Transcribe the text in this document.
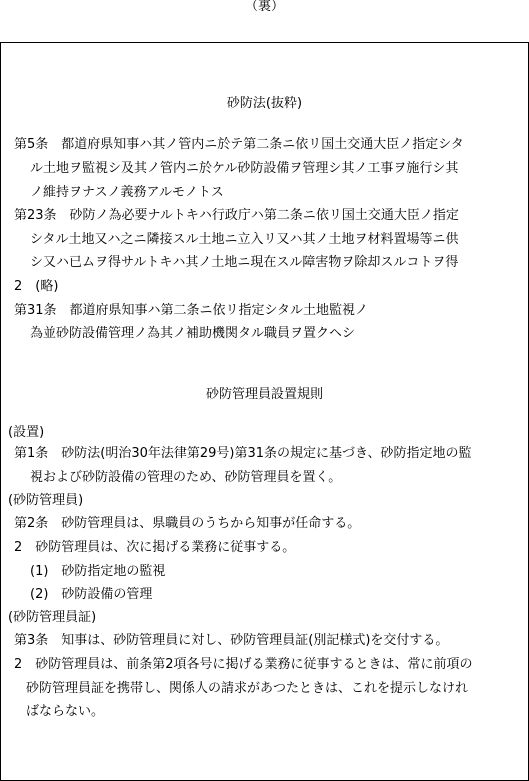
（裏）
砂防法(抜粋)
第5条　都道府県知事ハ其ノ管内ニ於テ第二条ニ依リ国土交通大臣ノ指定シタ
ル土地ヲ監視シ及其ノ管内ニ於ケル砂防設備ヲ管理シ其ノ工事ヲ施行シ其
ノ維持ヲナスノ義務アルモノトス
第23条　砂防ノ為必要ナルトキハ行政庁ハ第二条ニ依リ国土交通大臣ノ指定
シタル土地又ハ之ニ隣接スル土地ニ立入リ又ハ其ノ土地ヲ材料置場等ニ供
シ又ハ已ムヲ得サルトキハ其ノ土地ニ現在スル障害物ヲ除却スルコトヲ得
2　(略)
第31条　都道府県知事ハ第二条ニ依リ指定シタル土地監視ノ
為並砂防設備管理ノ為其ノ補助機関タル職員ヲ置クヘシ
砂防管理員設置規則
(設置)
第1条　砂防法(明治30年法律第29号)第31条の規定に基づき、砂防指定地の監
視および砂防設備の管理のため、砂防管理員を置く。
(砂防管理員)
第2条　砂防管理員は、県職員のうちから知事が任命する。
2　砂防管理員は、次に掲げる業務に従事する。
(1)　砂防指定地の監視
(2)　砂防設備の管理
(砂防管理員証)
第3条　知事は、砂防管理員に対し、砂防管理員証(別記様式)を交付する。
2　砂防管理員は、前条第2項各号に掲げる業務に従事するときは、常に前項の
砂防管理員証を携帯し、関係人の請求があつたときは、これを提示しなけれ
ばならない。
